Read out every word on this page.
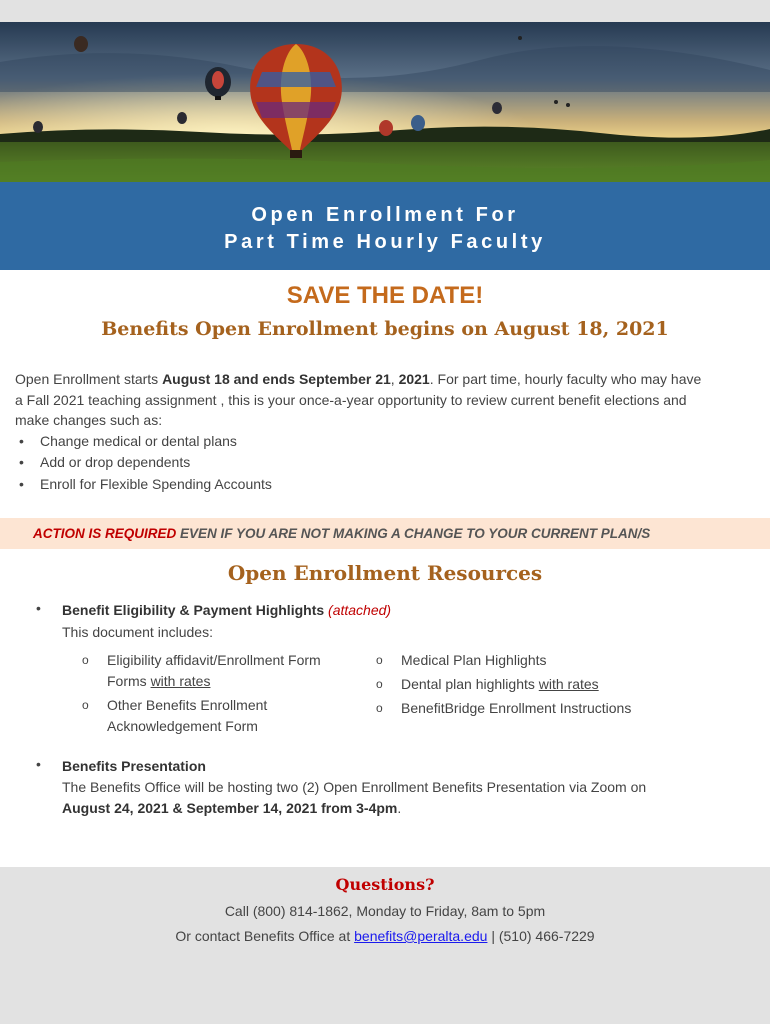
Open Enrollment For
Part Time Hourly Faculty
SAVE THE DATE!
Benefits Open Enrollment begins on August 18, 2021
Open Enrollment starts August 18 and ends September 21, 2021. For part time, hourly faculty who may have
a Fall 2021 teaching assignment , this is your once-a-year opportunity to review current benefit elections and
make changes such as:
• Change medical or dental plans
• Add or drop dependents
• Enroll for Flexible Spending Accounts
ACTION IS REQUIRED EVEN IF YOU ARE NOT MAKING A CHANGE TO YOUR CURRENT PLAN/S
Open Enrollment Resources
• Benefit Eligibility & Payment Highlights (attached)
This document includes:
o Eligibility affidavit/Enrollment Form
Forms with rates
o Other Benefits Enrollment
Acknowledgement Form
o Medical Plan Highlights
o Dental plan highlights with rates
o BenefitBridge Enrollment Instructions
• Benefits Presentation
The Benefits Office will be hosting two (2) Open Enrollment Benefits Presentation via Zoom on
August 24, 2021 & September 14, 2021 from 3-4pm.
Questions?
Call (800) 814-1862, Monday to Friday, 8am to 5pm
Or contact Benefits Office at benefits@peralta.edu | (510) 466-7229
